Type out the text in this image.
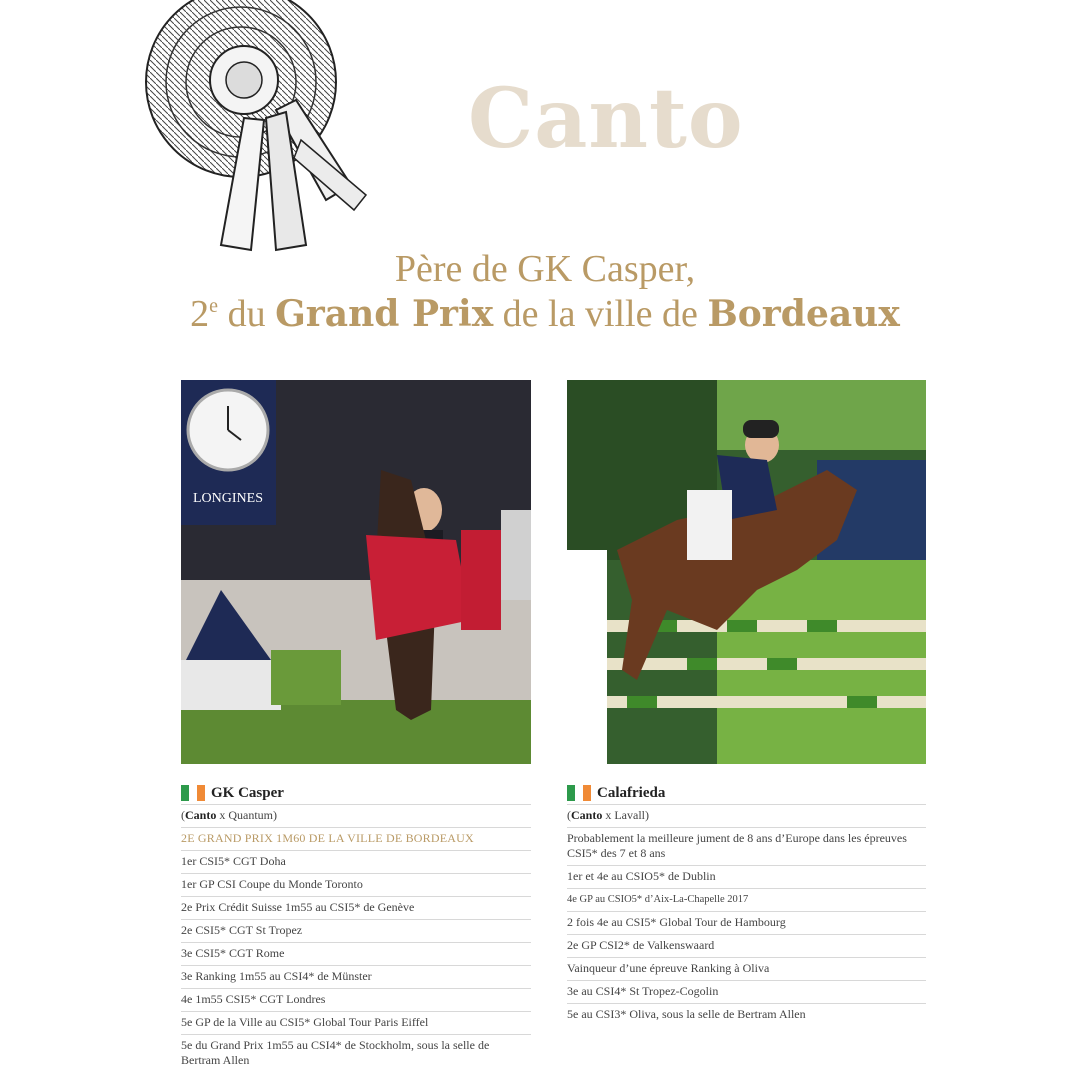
Canto

Père de GK Casper,

2e du Grand Prix de la ville de Bordeaux

LONGINES
GK Casper
(Canto x Quantum)
2E GRAND PRIX 1M60 DE LA VILLE DE BORDEAUX
1er CSI5* CGT Doha
1er GP CSI Coupe du Monde Toronto
2e Prix Crédit Suisse 1m55 au CSI5* de Genève
2e CSI5* CGT St Tropez
3e CSI5* CGT Rome
3e Ranking 1m55 au CSI4* de Münster
4e 1m55 CSI5* CGT Londres
5e GP de la Ville au CSI5* Global Tour Paris Eiffel
5e du Grand Prix 1m55 au CSI4* de Stockholm, sous la selle de Bertram Allen
Calafrieda
(Canto x Lavall)
Probablement la meilleure jument de 8 ans d’Europe dans les épreuves CSI5* des 7 et 8 ans
1er et 4e au CSIO5* de Dublin
4e GP au CSIO5* d’Aix-La-Chapelle 2017
2 fois 4e au CSI5* Global Tour de Hambourg
2e GP CSI2* de Valkenswaard
Vainqueur d’une épreuve Ranking à Oliva
3e au CSI4* St Tropez-Cogolin
5e au CSI3* Oliva, sous la selle de Bertram Allen
